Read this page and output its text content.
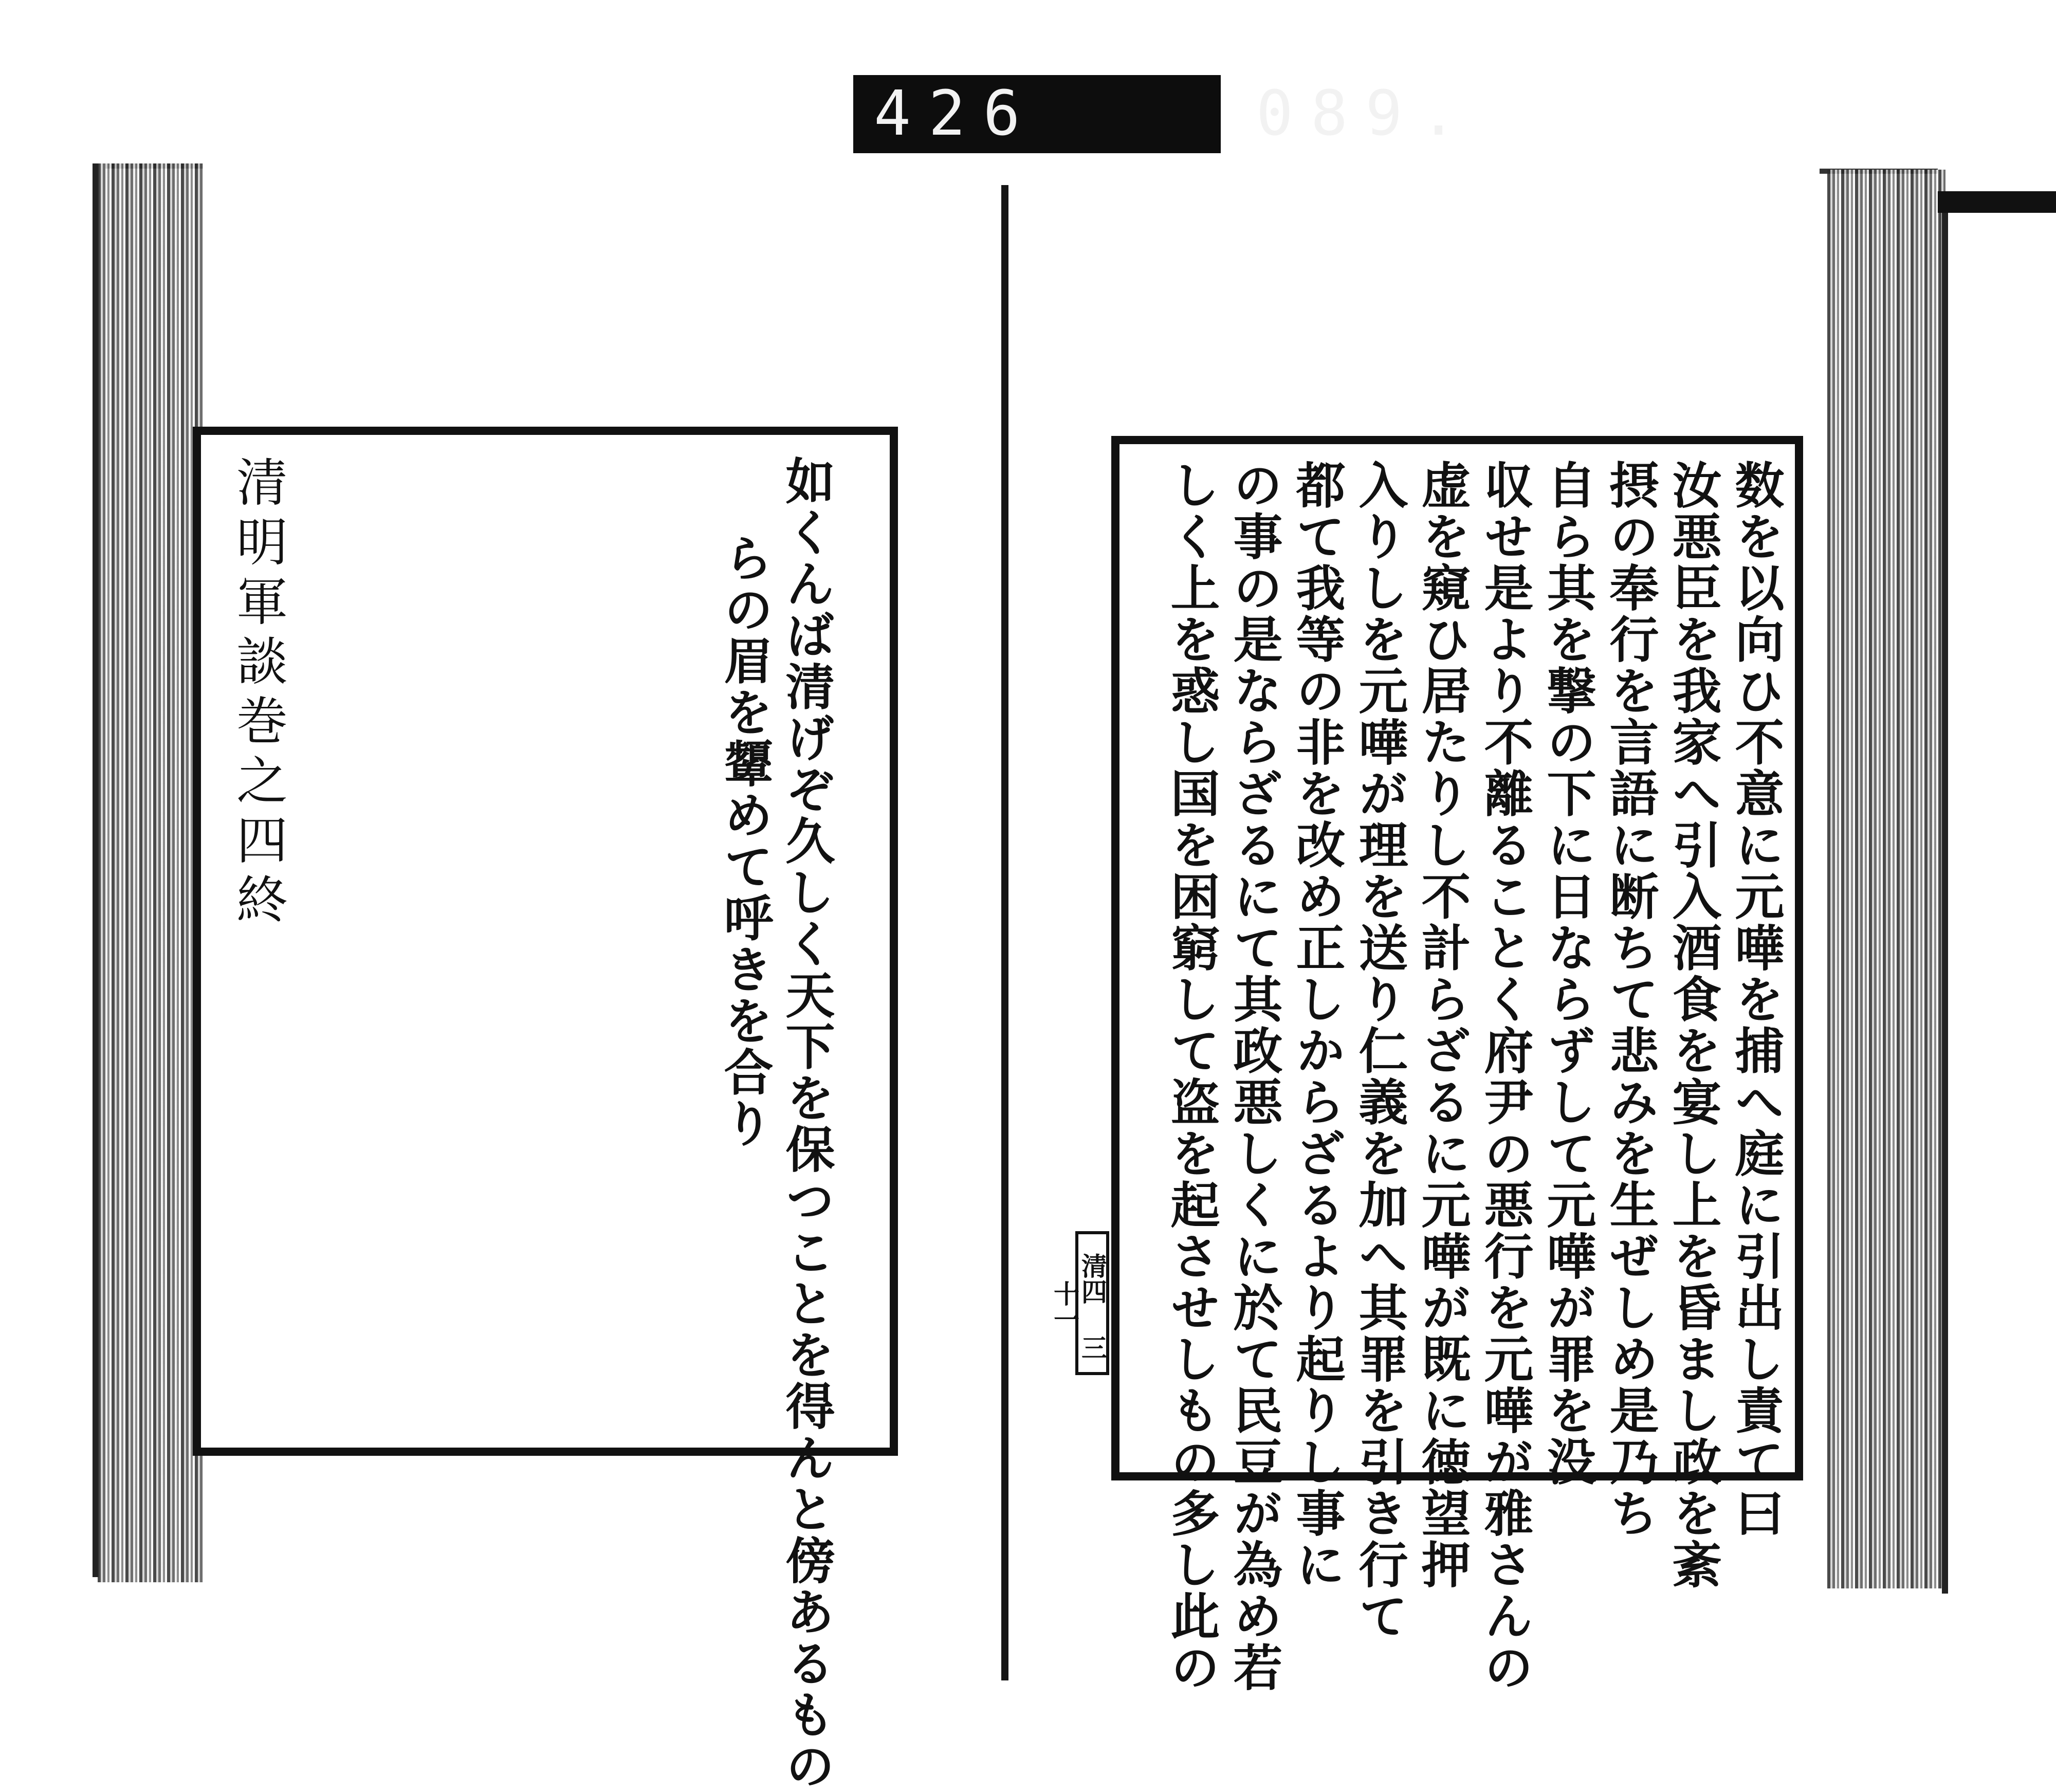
426    089.
清明軍談巻之四終	如くんば清げぞ久しく天下を保つことを得んと傍あるもの
らの眉を顰めて呼きを合り
清四 三十一	数を以向ひ不意に元嘩を捕へ庭に引出し責て曰
汝悪臣を我家へ引入酒食を宴し上を昏まし政を紊
摂の奉行を言語に断ちて悲みを生ぜしめ是乃ち
自ら其を撃の下に日ならずして元嘩が罪を没
収せ是より不離ることく府尹の悪行を元嘩が雅さんの
虚を窺ひ居たりし不計らざるに元嘩が既に徳望押
入りしを元嘩が理を送り仁義を加へ其罪を引き行て
都て我等の非を改め正しからざるより起りし事に
の事の是ならざるにて其政悪しくに於て民豆が為め若
しく上を惑し国を困窮して盗を起させしもの多し此の
